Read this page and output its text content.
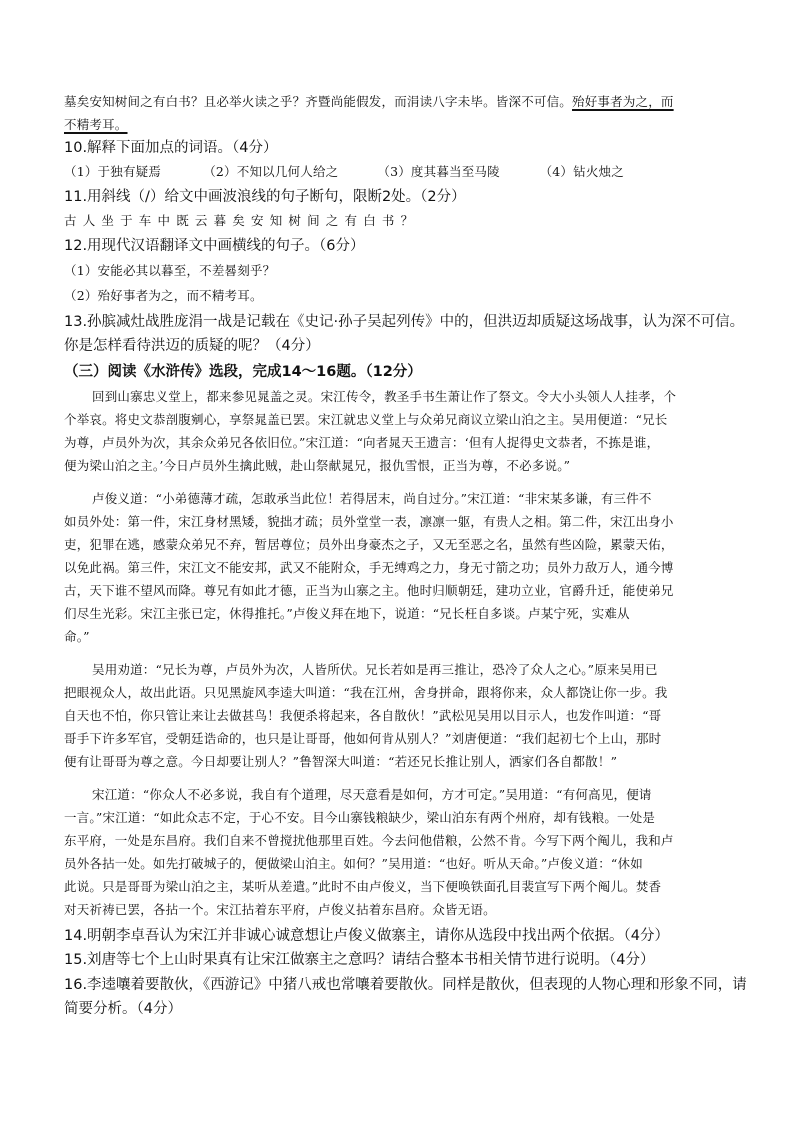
墓矣安知树间之有白书？且必举火读之乎？齐暨尚能假发，而涓读八字未毕。皆深不可信。殆好事者为之，而
不精考耳。
10.解释下面加点的词语。（4分）
（1）于独有疑焉	（2）不知以几何人给之	（3）度其暮当至马陵	（4）钻火烛之
11.用斜线（/）给文中画波浪线的句子断句，限断2处。（2分）
古人坐于车中既云暮矣安知树间之有白书？
12.用现代汉语翻译文中画横线的句子。（6分）
（1）安能必其以暮至，不差晷刻乎？
（2）殆好事者为之，而不精考耳。
13.孙膑减灶战胜庞涓一战是记载在《史记·孙子吴起列传》中的，但洪迈却质疑这场战事，认为深不可信。
你是怎样看待洪迈的质疑的呢？（4分）
（三）阅读《水浒传》选段，完成14～16题。（12分）
回到山寨忠义堂上，都来参见晁盖之灵。宋江传令，教圣手书生萧让作了祭文。令大小头领人人挂孝，个
个举哀。将史文恭剖腹剜心，享祭晁盖已罢。宋江就忠义堂上与众弟兄商议立梁山泊之主。吴用便道：“兄长
为尊，卢员外为次，其余众弟兄各依旧位。”宋江道：“向者晁天王遗言：‘但有人捉得史文恭者，不拣是谁，
便为梁山泊之主。’今日卢员外生擒此贼，赴山祭献晁兄，报仇雪恨，正当为尊，不必多说。”
卢俊义道：“小弟德薄才疏，怎敢承当此位！若得居末，尚自过分。”宋江道：“非宋某多谦，有三件不
如员外处：第一件，宋江身材黑矮，貌拙才疏；员外堂堂一表，凛凛一躯，有贵人之相。第二件，宋江出身小
吏，犯罪在逃，感蒙众弟兄不弃，暂居尊位；员外出身豪杰之子，又无至恶之名，虽然有些凶险，累蒙天佑，
以免此祸。第三件，宋江文不能安邦，武又不能附众，手无缚鸡之力，身无寸箭之功；员外力敌万人，通今博
古，天下谁不望风而降。尊兄有如此才德，正当为山寨之主。他时归顺朝廷，建功立业，官爵升迁，能使弟兄
们尽生光彩。宋江主张已定，休得推托。”卢俊义拜在地下，说道：“兄长枉自多谈。卢某宁死，实难从
命。”
吴用劝道：“兄长为尊，卢员外为次，人皆所伏。兄长若如是再三推让，恐冷了众人之心。”原来吴用已
把眼视众人，故出此语。只见黑旋风李逵大叫道：“我在江州，舍身拼命，跟将你来，众人都饶让你一步。我
自天也不怕，你只管让来让去做甚鸟！我便杀将起来，各自散伙！”武松见吴用以目示人，也发作叫道：“哥
哥手下许多军官，受朝廷诰命的，也只是让哥哥，他如何肯从别人？”刘唐便道：“我们起初七个上山，那时
便有让哥哥为尊之意。今日却要让别人？”鲁智深大叫道：“若还兄长推让别人，洒家们各自都散！”
宋江道：“你众人不必多说，我自有个道理，尽天意看是如何，方才可定。”吴用道：“有何高见，便请
一言。”宋江道：“如此众志不定，于心不安。目今山寨钱粮缺少，梁山泊东有两个州府，却有钱粮。一处是
东平府，一处是东昌府。我们自来不曾搅扰他那里百姓。今去问他借粮，公然不肯。今写下两个阄儿，我和卢
员外各拈一处。如先打破城子的，便做梁山泊主。如何？”吴用道：“也好。听从天命。”卢俊义道：“休如
此说。只是哥哥为梁山泊之主，某听从差遣。”此时不由卢俊义，当下便唤铁面孔目裴宣写下两个阄儿。焚香
对天祈祷已罢，各拈一个。宋江拈着东平府，卢俊义拈着东昌府。众皆无语。
14.明朝李卓吾认为宋江并非诚心诚意想让卢俊义做寨主，请你从选段中找出两个依据。（4分）
15.刘唐等七个上山时果真有让宋江做寨主之意吗？请结合整本书相关情节进行说明。（4分）
16.李逵嚷着要散伙，《西游记》中猪八戒也常嚷着要散伙。同样是散伙，但表现的人物心理和形象不同，请
简要分析。（4分）
